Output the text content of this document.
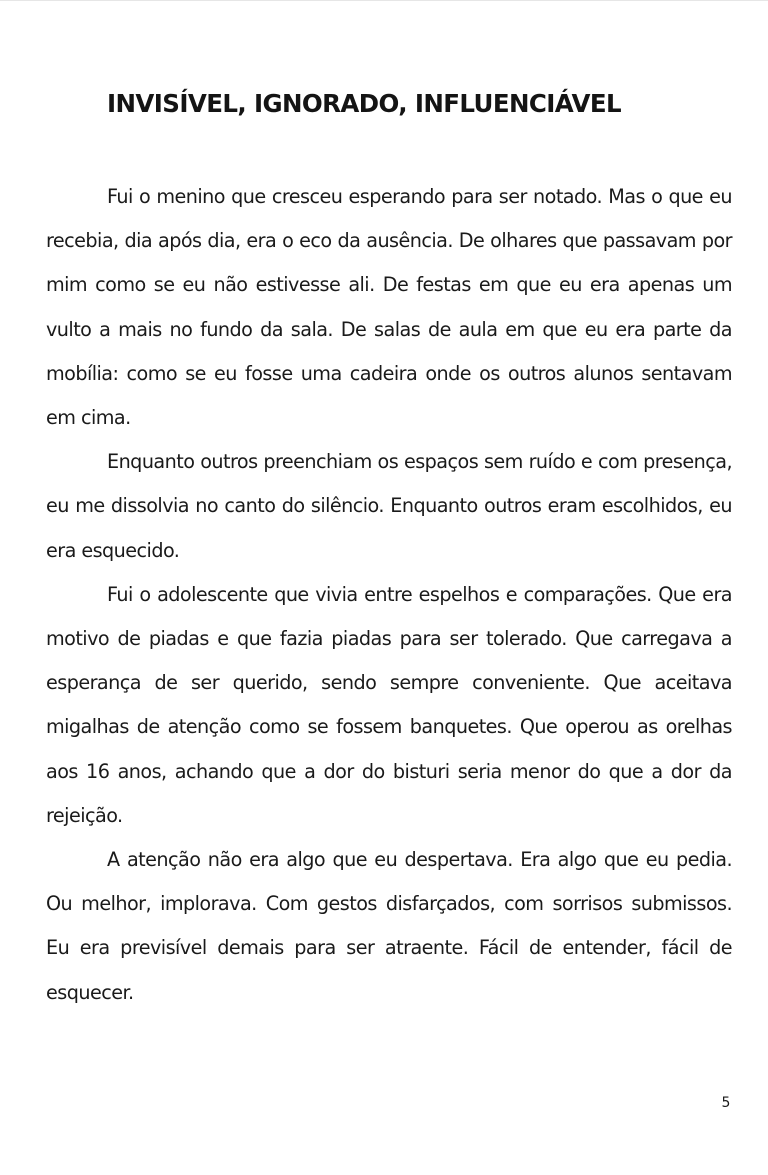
INVISÍVEL, IGNORADO, INFLUENCIÁVEL

Fui o menino que cresceu esperando para ser notado. Mas o que eu recebia, dia após dia, era o eco da ausência. De olhares que passavam por mim como se eu não estivesse ali. De festas em que eu era apenas um vulto a mais no fundo da sala. De salas de aula em que eu era parte da mobília: como se eu fosse uma cadeira onde os outros alunos sentavam em cima.

Enquanto outros preenchiam os espaços sem ruído e com presença, eu me dissolvia no canto do silêncio. Enquanto outros eram escolhidos, eu era esquecido.

Fui o adolescente que vivia entre espelhos e comparações. Que era motivo de piadas e que fazia piadas para ser tolerado. Que carregava a esperança de ser querido, sendo sempre conveniente. Que aceitava migalhas de atenção como se fossem banquetes. Que operou as orelhas aos 16 anos, achando que a dor do bisturi seria menor do que a dor da rejeição.

A atenção não era algo que eu despertava. Era algo que eu pedia. Ou melhor, implorava. Com gestos disfarçados, com sorrisos submissos. Eu era previsível demais para ser atraente. Fácil de entender, fácil de esquecer.

5
